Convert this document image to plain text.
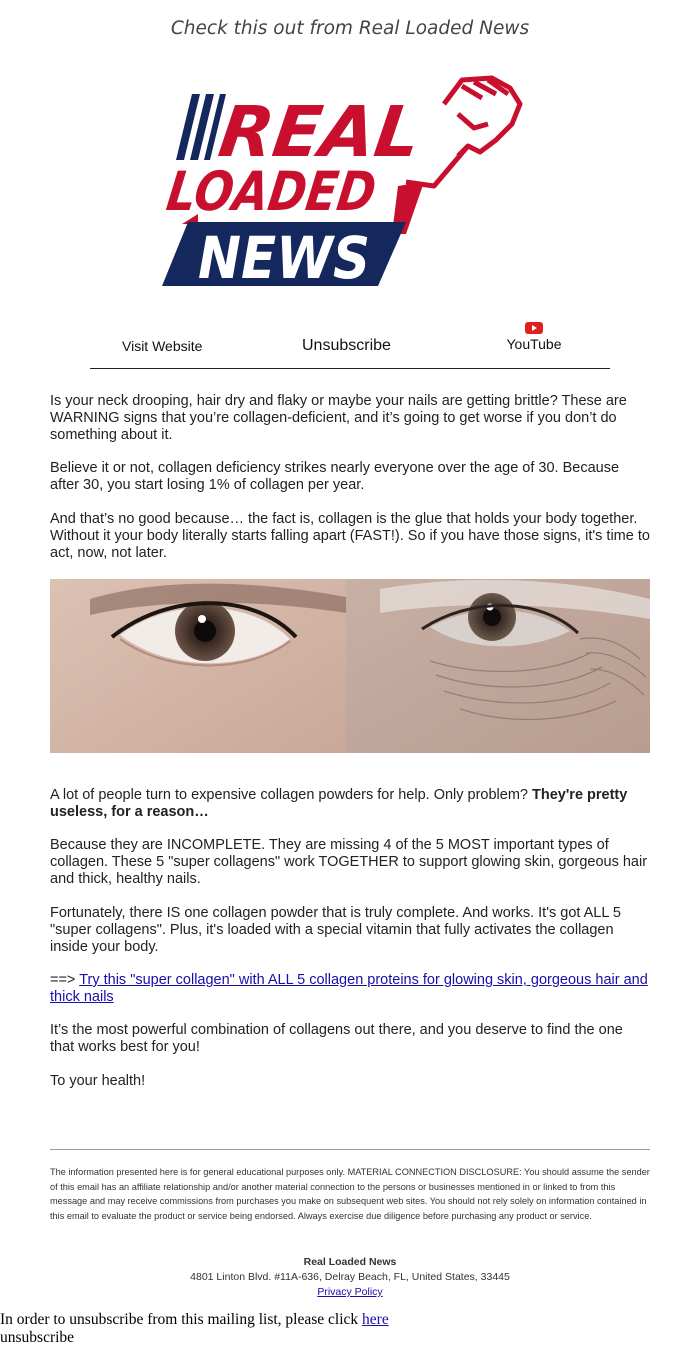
Check this out from Real Loaded News
REAL
LOADED
NEWS
Visit Website	Unsubscribe	YouTube

Is your neck drooping, hair dry and flaky or maybe your nails are getting brittle? These are WARNING signs that you’re collagen-deficient, and it’s going to get worse if you don’t do something about it.

Believe it or not, collagen deficiency strikes nearly everyone over the age of 30. Because after 30, you start losing 1% of collagen per year.

And that’s no good because… the fact is, collagen is the glue that holds your body together. Without it your body literally starts falling apart (FAST!). So if you have those signs, it's time to act, now, not later.

A lot of people turn to expensive collagen powders for help. Only problem? They're pretty useless, for a reason…

Because they are INCOMPLETE. They are missing 4 of the 5 MOST important types of collagen. These 5 "super collagens" work TOGETHER to support glowing skin, gorgeous hair and thick, healthy nails.

Fortunately, there IS one collagen powder that is truly complete. And works. It's got ALL 5 "super collagens". Plus, it's loaded with a special vitamin that fully activates the collagen inside your body.

==> Try this "super collagen" with ALL 5 collagen proteins for glowing skin, gorgeous hair and thick nails

It’s the most powerful combination of collagens out there, and you deserve to find the one that works best for you!

To your health!

The information presented here is for general educational purposes only. MATERIAL CONNECTION DISCLOSURE: You should assume the sender of this email has an affiliate relationship and/or another material connection to the persons or businesses mentioned in or linked to from this message and may receive commissions from purchases you make on subsequent web sites. You should not rely solely on information contained in this email to evaluate the product or service being endorsed. Always exercise due diligence before purchasing any product or service.

Real Loaded News
4801 Linton Blvd. #11A-636, Delray Beach, FL, United States, 33445
Privacy Policy
In order to unsubscribe from this mailing list, please click here
unsubscribe
